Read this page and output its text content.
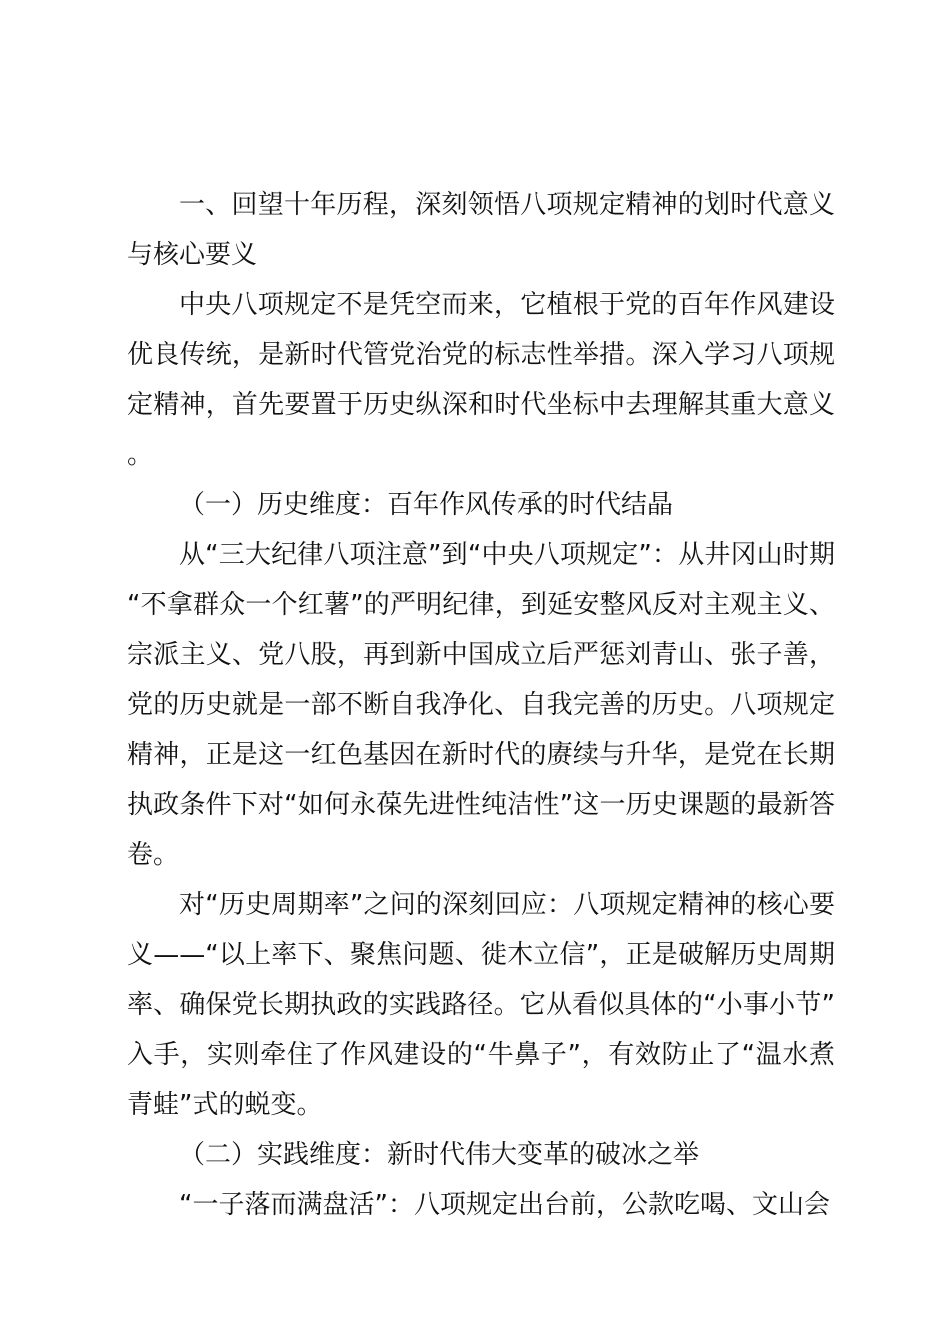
一、回望十年历程，深刻领悟八项规定精神的划时代意义与核心要义

中央八项规定不是凭空而来，它植根于党的百年作风建设优良传统，是新时代管党治党的标志性举措。深入学习八项规定精神，首先要置于历史纵深和时代坐标中去理解其重大意义。

（一）历史维度：百年作风传承的时代结晶

从“三大纪律八项注意”到“中央八项规定”：从井冈山时期“不拿群众一个红薯”的严明纪律，到延安整风反对主观主义、宗派主义、党八股，再到新中国成立后严惩刘青山、张子善，党的历史就是一部不断自我净化、自我完善的历史。八项规定精神，正是这一红色基因在新时代的赓续与升华，是党在长期执政条件下对“如何永葆先进性纯洁性”这一历史课题的最新答卷。

对“历史周期率”之问的深刻回应：八项规定精神的核心要义——“以上率下、聚焦问题、徙木立信”，正是破解历史周期率、确保党长期执政的实践路径。它从看似具体的“小事小节”入手，实则牵住了作风建设的“牛鼻子”，有效防止了“温水煮青蛙”式的蜕变。

（二）实践维度：新时代伟大变革的破冰之举

“一子落而满盘活”：八项规定出台前，公款吃喝、文山会
